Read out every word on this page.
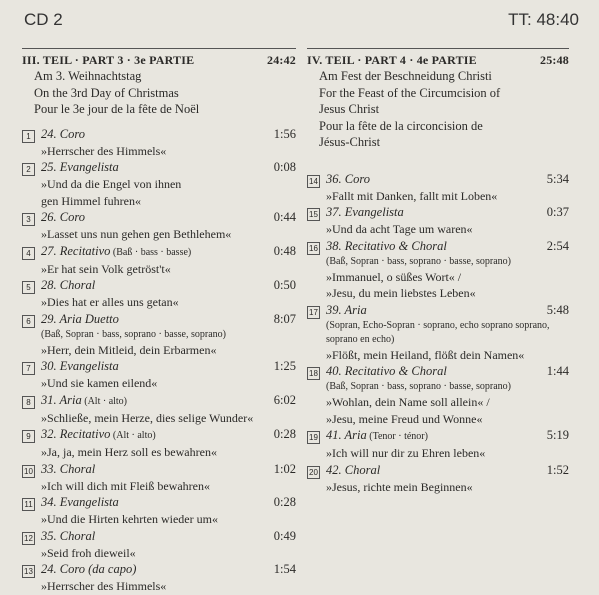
CD 2	TT: 48:40
III. TEIL · PART 3 · 3e PARTIE	24:42
Am 3. Weihnachtstag
On the 3rd Day of Christmas
Pour le 3e jour de la fête de Noël
1 24. Coro	1:56
»Herrscher des Himmels«
2 25. Evangelista	0:08
»Und da die Engel von ihnen
gen Himmel fuhren«
3 26. Coro	0:44
»Lasset uns nun gehen gen Bethlehem«
4 27. Recitativo (Baß · bass · basse)	0:48
»Er hat sein Volk getröst't«
5 28. Choral	0:50
»Dies hat er alles uns getan«
6 29. Aria Duetto	8:07
(Baß, Sopran · bass, soprano · basse, soprano)
»Herr, dein Mitleid, dein Erbarmen«
7 30. Evangelista	1:25
»Und sie kamen eilend«
8 31. Aria (Alt · alto)	6:02
»Schließe, mein Herze, dies selige Wunder«
9 32. Recitativo (Alt · alto)	0:28
»Ja, ja, mein Herz soll es bewahren«
10 33. Choral	1:02
»Ich will dich mit Fleiß bewahren«
11 34. Evangelista	0:28
»Und die Hirten kehrten wieder um«
12 35. Choral	0:49
»Seid froh dieweil«
13 24. Coro (da capo)	1:54
»Herrscher des Himmels«
IV. TEIL · PART 4 · 4e PARTIE	25:48
Am Fest der Beschneidung Christi
For the Feast of the Circumcision of
Jesus Christ
Pour la fête de la circoncision de
Jésus-Christ
14 36. Coro	5:34
»Fallt mit Danken, fallt mit Loben«
15 37. Evangelista	0:37
»Und da acht Tage um waren«
16 38. Recitativo & Choral	2:54
(Baß, Sopran · bass, soprano · basse, soprano)
»Immanuel, o süßes Wort« /
»Jesu, du mein liebstes Leben«
17 39. Aria	5:48
(Sopran, Echo-Sopran · soprano, echo soprano soprano, soprano en echo)
»Flößt, mein Heiland, flößt dein Namen«
18 40. Recitativo & Choral	1:44
(Baß, Sopran · bass, soprano · basse, soprano)
»Wohlan, dein Name soll allein« /
»Jesu, meine Freud und Wonne«
19 41. Aria (Tenor · ténor)	5:19
»Ich will nur dir zu Ehren leben«
20 42. Choral	1:52
»Jesus, richte mein Beginnen«
